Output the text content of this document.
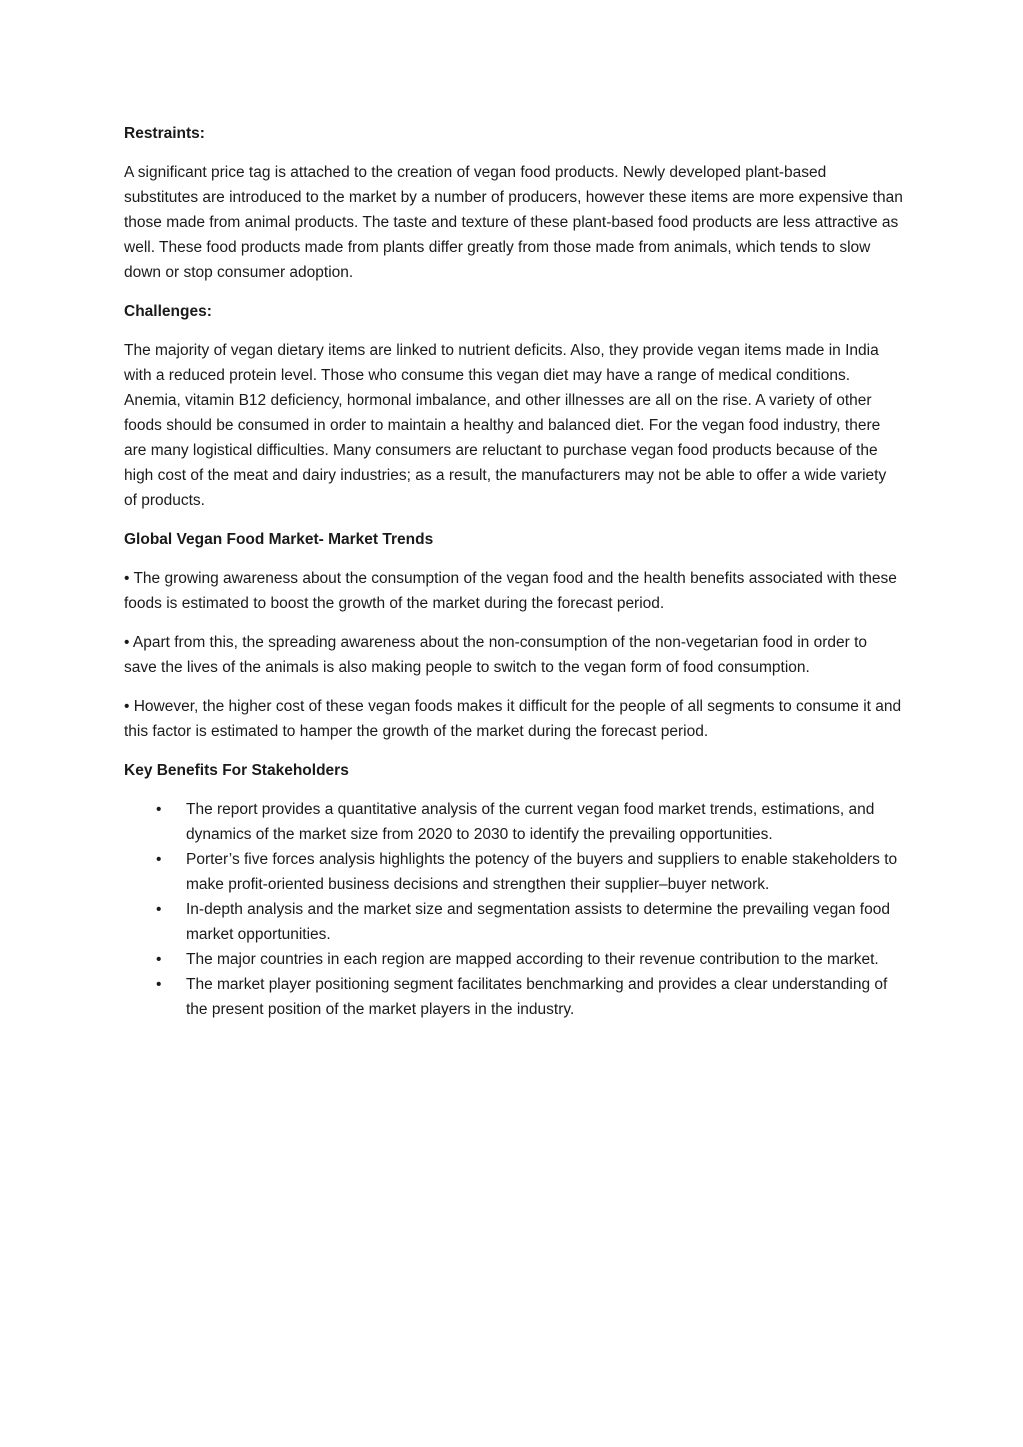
Restraints:

A significant price tag is attached to the creation of vegan food products. Newly developed plant-based substitutes are introduced to the market by a number of producers, however these items are more expensive than those made from animal products. The taste and texture of these plant-based food products are less attractive as well. These food products made from plants differ greatly from those made from animals, which tends to slow down or stop consumer adoption.

Challenges:

The majority of vegan dietary items are linked to nutrient deficits. Also, they provide vegan items made in India with a reduced protein level. Those who consume this vegan diet may have a range of medical conditions. Anemia, vitamin B12 deficiency, hormonal imbalance, and other illnesses are all on the rise. A variety of other foods should be consumed in order to maintain a healthy and balanced diet. For the vegan food industry, there are many logistical difficulties. Many consumers are reluctant to purchase vegan food products because of the high cost of the meat and dairy industries; as a result, the manufacturers may not be able to offer a wide variety of products.

Global Vegan Food Market- Market Trends

• The growing awareness about the consumption of the vegan food and the health benefits associated with these foods is estimated to boost the growth of the market during the forecast period.

• Apart from this, the spreading awareness about the non-consumption of the non-vegetarian food in order to save the lives of the animals is also making people to switch to the vegan form of food consumption.

• However, the higher cost of these vegan foods makes it difficult for the people of all segments to consume it and this factor is estimated to hamper the growth of the market during the forecast period.

Key Benefits For Stakeholders

• The report provides a quantitative analysis of the current vegan food market trends, estimations, and dynamics of the market size from 2020 to 2030 to identify the prevailing opportunities.
• Porter’s five forces analysis highlights the potency of the buyers and suppliers to enable stakeholders to make profit-oriented business decisions and strengthen their supplier–buyer network.
• In-depth analysis and the market size and segmentation assists to determine the prevailing vegan food market opportunities.
• The major countries in each region are mapped according to their revenue contribution to the market.
• The market player positioning segment facilitates benchmarking and provides a clear understanding of the present position of the market players in the industry.
